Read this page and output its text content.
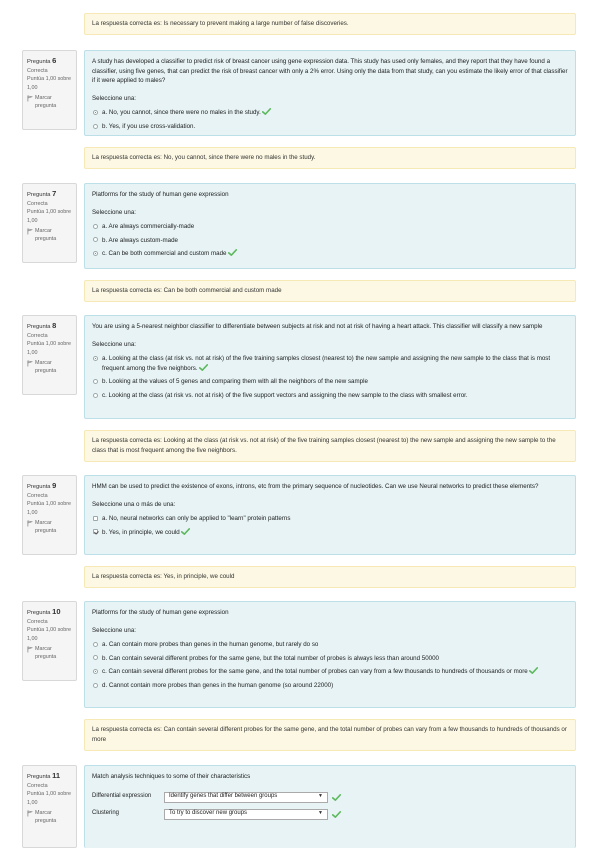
La respuesta correcta es: Is necessary to prevent making a large number of false discoveries.
Pregunta 6
Correcta
Puntúa 1,00 sobre 1,00
Marcar pregunta
A study has developed a classifier to predict risk of breast cancer using gene expression data. This study has used only females, and they report that they have found a classifier, using five genes, that can predict the risk of breast cancer with only a 2% error. Using only the data from that study, can you estimate the likely error of that classifier if it were applied to males?
Seleccione una:
a. No, you cannot, since there were no males in the study.
b. Yes, if you use cross-validation.
La respuesta correcta es: No, you cannot, since there were no males in the study.
Pregunta 7
Correcta
Puntúa 1,00 sobre 1,00
Marcar pregunta
Platforms for the study of human gene expression
Seleccione una:
a. Are always commercially-made
b. Are always custom-made
c. Can be both commercial and custom made
La respuesta correcta es: Can be both commercial and custom made
Pregunta 8
Correcta
Puntúa 1,00 sobre 1,00
Marcar pregunta
You are using a 5-nearest neighbor classifier to differentiate between subjects at risk and not at risk of having a heart attack. This classifier will classify a new sample
Seleccione una:
a. Looking at the class (at risk vs. not at risk) of the five training samples closest (nearest to) the new sample and assigning the new sample to the class that is most frequent among the five neighbors.
b. Looking at the values of 5 genes and comparing them with all the neighbors of the new sample
c. Looking at the class (at risk vs. not at risk) of the five support vectors and assigning the new sample to the class with smallest error.
La respuesta correcta es: Looking at the class (at risk vs. not at risk) of the five training samples closest (nearest to) the new sample and assigning the new sample to the class that is most frequent among the five neighbors.
Pregunta 9
Correcta
Puntúa 1,00 sobre 1,00
Marcar pregunta
HMM can be used to predict the existence of exons, introns, etc from the primary sequence of nucleotides. Can we use Neural networks to predict these elements?
Seleccione una o más de una:
a. No, neural networks can only be applied to "learn" protein patterns
b. Yes, in principle, we could
La respuesta correcta es: Yes, in principle, we could
Pregunta 10
Correcta
Puntúa 1,00 sobre 1,00
Marcar pregunta
Platforms for the study of human gene expression
Seleccione una:
a. Can contain more probes than genes in the human genome, but rarely do so
b. Can contain several different probes for the same gene, but the total number of probes is always less than around 50000
c. Can contain several different probes for the same gene, and the total number of probes can vary from a few thousands to hundreds of thousands or more
d. Cannot contain more probes than genes in the human genome (so around 22000)
La respuesta correcta es: Can contain several different probes for the same gene, and the total number of probes can vary from a few thousands to hundreds of thousands or more
Pregunta 11
Correcta
Puntúa 1,00 sobre 1,00
Marcar pregunta
Match analysis techniques to some of their characteristics
Differential expression	Identify genes that differ between groups	▼
Clustering	To try to discover new groups	▼
